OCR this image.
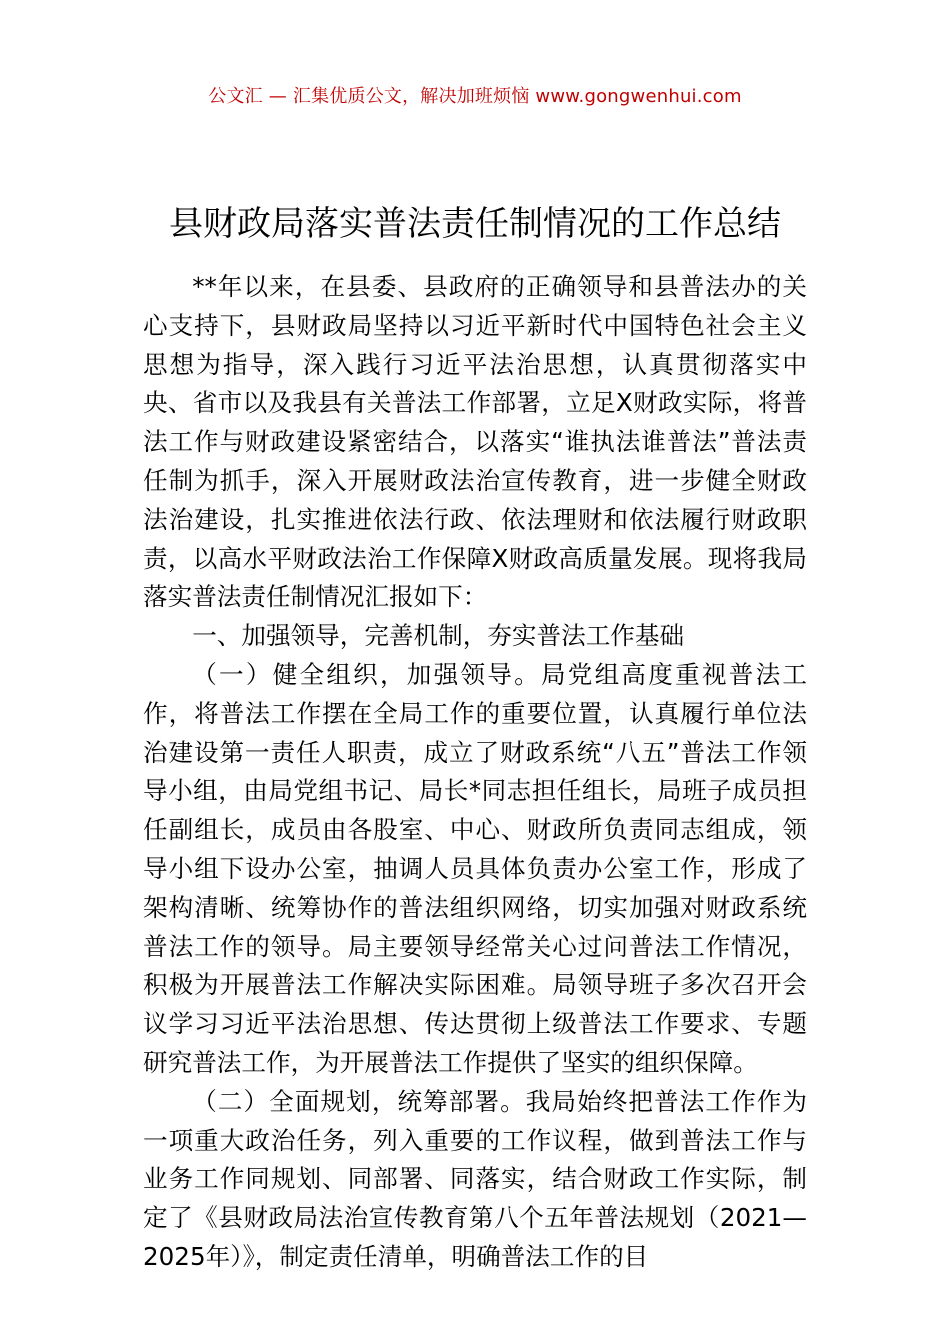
公文汇 — 汇集优质公文，解决加班烦恼 www.gongwenhui.com
县财政局落实普法责任制情况的工作总结

**年以来，在县委、县政府的正确领导和县普法办的关心支持下，县财政局坚持以习近平新时代中国特色社会主义思想为指导，深入践行习近平法治思想，认真贯彻落实中央、省市以及我县有关普法工作部署，立足X财政实际，将普法工作与财政建设紧密结合，以落实“谁执法谁普法”普法责任制为抓手，深入开展财政法治宣传教育，进一步健全财政法治建设，扎实推进依法行政、依法理财和依法履行财政职责，以高水平财政法治工作保障X财政高质量发展。现将我局落实普法责任制情况汇报如下：

一、加强领导，完善机制，夯实普法工作基础

（一）健全组织，加强领导。局党组高度重视普法工作，将普法工作摆在全局工作的重要位置，认真履行单位法治建设第一责任人职责，成立了财政系统“八五”普法工作领导小组，由局党组书记、局长*同志担任组长，局班子成员担任副组长，成员由各股室、中心、财政所负责同志组成，领导小组下设办公室，抽调人员具体负责办公室工作，形成了架构清晰、统筹协作的普法组织网络，切实加强对财政系统普法工作的领导。局主要领导经常关心过问普法工作情况，积极为开展普法工作解决实际困难。局领导班子多次召开会议学习习近平法治思想、传达贯彻上级普法工作要求、专题研究普法工作，为开展普法工作提供了坚实的组织保障。

（二）全面规划，统筹部署。我局始终把普法工作作为一项重大政治任务，列入重要的工作议程，做到普法工作与业务工作同规划、同部署、同落实，结合财政工作实际，制定了《县财政局法治宣传教育第八个五年普法规划（2021—2025年）》，制定责任清单，明确普法工作的目
